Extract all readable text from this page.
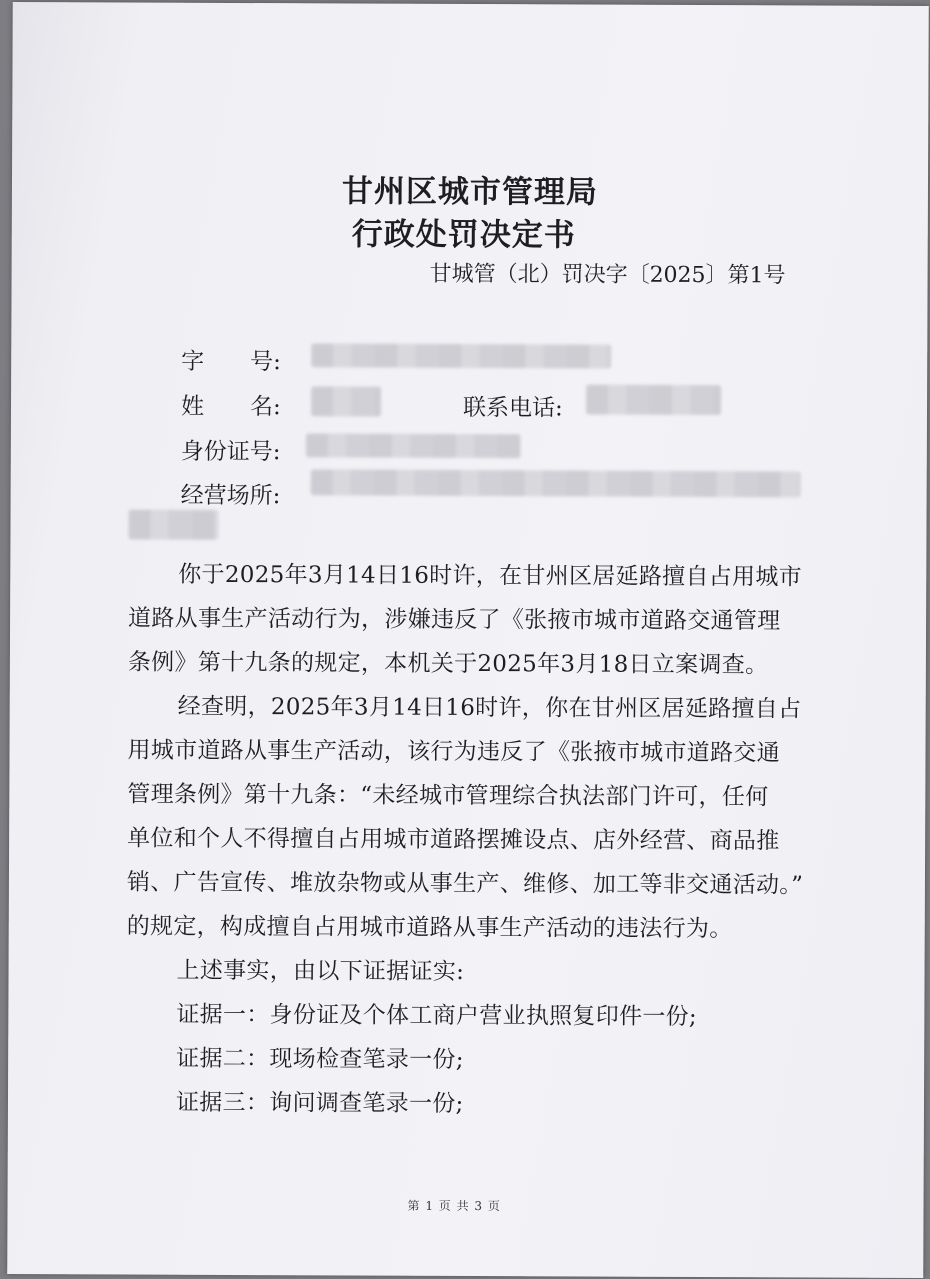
甘州区城市管理局
行政处罚决定书
甘城管（北）罚决字〔2025〕第1号
字　　号:
姓　　名:	联系电话:
身份证号:
经营场所:
你于2025年3月14日16时许，在甘州区居延路擅自占用城市
道路从事生产活动行为，涉嫌违反了《张掖市城市道路交通管理
条例》第十九条的规定，本机关于2025年3月18日立案调查。
经查明，2025年3月14日16时许，你在甘州区居延路擅自占
用城市道路从事生产活动，该行为违反了《张掖市城市道路交通
管理条例》第十九条：“未经城市管理综合执法部门许可，任何
单位和个人不得擅自占用城市道路摆摊设点、店外经营、商品推
销、广告宣传、堆放杂物或从事生产、维修、加工等非交通活动。”
的规定，构成擅自占用城市道路从事生产活动的违法行为。
上述事实，由以下证据证实:
证据一：身份证及个体工商户营业执照复印件一份;
证据二：现场检查笔录一份;
证据三：询问调查笔录一份;
第 1 页 共 3 页
